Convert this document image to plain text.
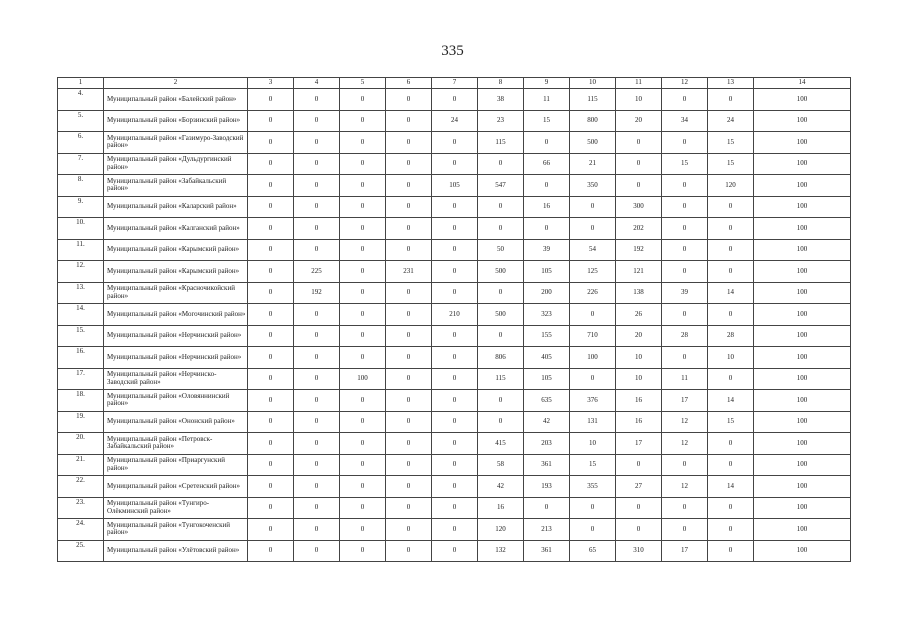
335
1	2	3	4	5	6	7	8	9	10	11	12	13	14
4.	Муниципальный район «Балейский район»	0	0	0	0	0	38	11	115	10	0	0	100
5.	Муниципальный район «Борзинский район»	0	0	0	0	24	23	15	800	20	34	24	100
6.	Муниципальный район «Газимуро-Заводский район»	0	0	0	0	0	115	0	500	0	0	15	100
7.	Муниципальный район «Дульдургинский район»	0	0	0	0	0	0	66	21	0	15	15	100
8.	Муниципальный район «Забайкальский район»	0	0	0	0	105	547	0	350	0	0	120	100
9.	Муниципальный район «Каларский район»	0	0	0	0	0	0	16	0	300	0	0	100
10.	Муниципальный район «Калганский район»	0	0	0	0	0	0	0	0	202	0	0	100
11.	Муниципальный район «Карымский район»	0	0	0	0	0	50	39	54	192	0	0	100
12.	Муниципальный район «Карымский район»	0	225	0	231	0	500	105	125	121	0	0	100
13.	Муниципальный район «Красночикойский район»	0	192	0	0	0	0	200	226	138	39	14	100
14.	Муниципальный район «Могочинский район»	0	0	0	0	210	500	323	0	26	0	0	100
15.	Муниципальный район «Нерчинский район»	0	0	0	0	0	0	155	710	20	28	28	100
16.	Муниципальный район «Нерчинский район»	0	0	0	0	0	806	405	100	10	0	10	100
17.	Муниципальный район «Нерчинско-Заводский район»	0	0	100	0	0	115	105	0	10	11	0	100
18.	Муниципальный район «Оловяннинский район»	0	0	0	0	0	0	635	376	16	17	14	100
19.	Муниципальный район «Ононский район»	0	0	0	0	0	0	42	131	16	12	15	100
20.	Муниципальный район «Петровск-Забайкальский район»	0	0	0	0	0	415	203	10	17	12	0	100
21.	Муниципальный район «Приаргунский район»	0	0	0	0	0	58	361	15	0	0	0	100
22.	Муниципальный район «Сретенский район»	0	0	0	0	0	42	193	355	27	12	14	100
23.	Муниципальный район «Тунгиро-Олёкминский район»	0	0	0	0	0	16	0	0	0	0	0	100
24.	Муниципальный район «Тунгокоченский район»	0	0	0	0	0	120	213	0	0	0	0	100
25.	Муниципальный район «Улётовский район»	0	0	0	0	0	132	361	65	310	17	0	100
